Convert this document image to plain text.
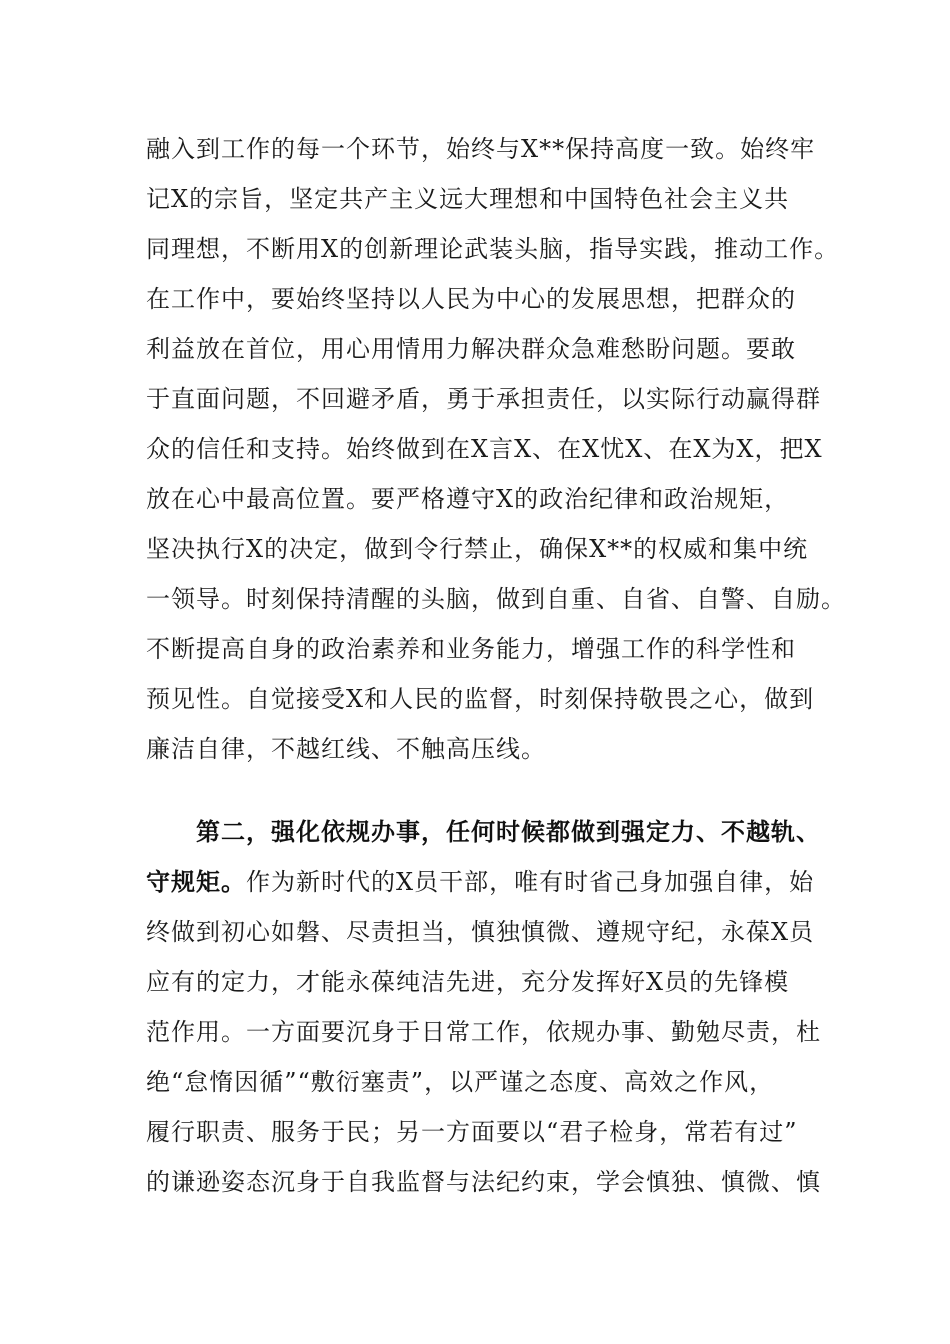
融入到工作的每一个环节，始终与X**保持高度一致。始终牢
记X的宗旨，坚定共产主义远大理想和中国特色社会主义共
同理想，不断用X的创新理论武装头脑，指导实践，推动工作。
在工作中，要始终坚持以人民为中心的发展思想，把群众的
利益放在首位，用心用情用力解决群众急难愁盼问题。要敢
于直面问题，不回避矛盾，勇于承担责任，以实际行动赢得群
众的信任和支持。始终做到在X言X、在X忧X、在X为X，把X
放在心中最高位置。要严格遵守X的政治纪律和政治规矩，
坚决执行X的决定，做到令行禁止，确保X**的权威和集中统
一领导。时刻保持清醒的头脑，做到自重、自省、自警、自励。
不断提高自身的政治素养和业务能力，增强工作的科学性和
预见性。自觉接受X和人民的监督，时刻保持敬畏之心，做到
廉洁自律，不越红线、不触高压线。
第二，强化依规办事，任何时候都做到强定力、不越轨、
守规矩。作为新时代的X员干部，唯有时省己身加强自律，始
终做到初心如磐、尽责担当，慎独慎微、遵规守纪，永葆X员
应有的定力，才能永葆纯洁先进，充分发挥好X员的先锋模
范作用。一方面要沉身于日常工作，依规办事、勤勉尽责，杜
绝“怠惰因循”“敷衍塞责”，以严谨之态度、高效之作风，
履行职责、服务于民；另一方面要以“君子检身，常若有过”
的谦逊姿态沉身于自我监督与法纪约束，学会慎独、慎微、慎
